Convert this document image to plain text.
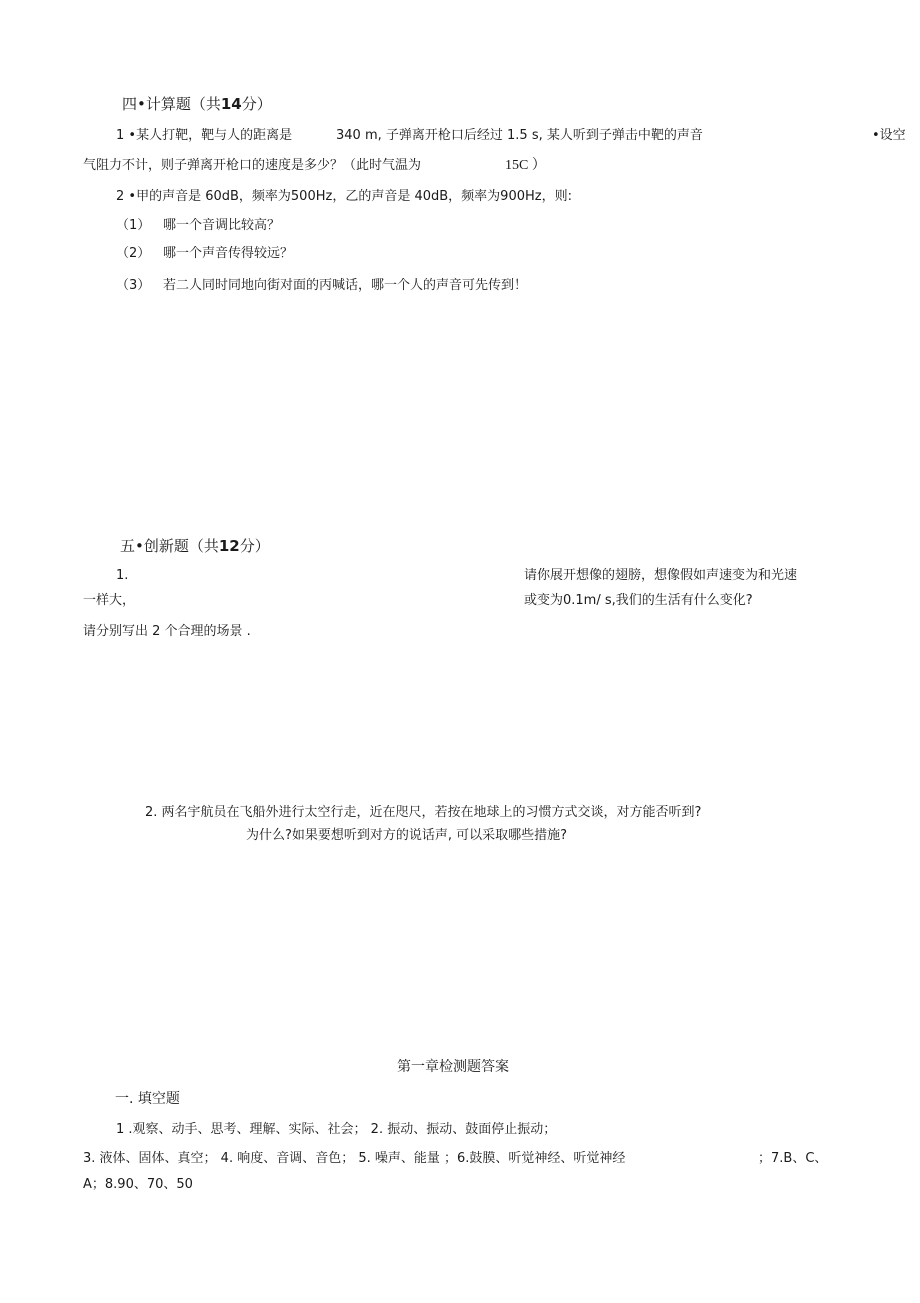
四•计算题（共14分）
1 •某人打靶，靶与人的距离是	340 m, 子弹离开枪口后经过 1.5 s, 某人听到子弹击中靶的声音	•设空
气阻力不计，则子弹离开枪口的速度是多少？（此时气温为	15C ）
2 •甲的声音是 60dB，频率为500Hz，乙的声音是 40dB，频率为900Hz，则:
（1） 哪一个音调比较高？
（2） 哪一个声音传得较远？
（3） 若二人同时同地向街对面的丙喊话，哪一个人的声音可先传到！
五•创新题（共12分）
1.	请你展开想像的翅膀，想像假如声速变为和光速
一样大，	或变为0.1m/ s,我们的生活有什么变化?
请分别写出 2 个合理的场景 .
2. 两名宇航员在飞船外进行太空行走，近在咫尺，若按在地球上的习惯方式交谈，对方能否听到?
为什么?如果要想听到对方的说话声, 可以采取哪些措施?
第一章检测题答案
一. 填空题
1 .观察、动手、思考、理解、实际、社会； 2. 振动、振动、鼓面停止振动；
3. 液体、固体、真空； 4. 响度、音调、音色； 5. 噪声、能量 ；6.鼓膜、听觉神经、听觉神经	；7.B、C、
A；8.90、70、50
